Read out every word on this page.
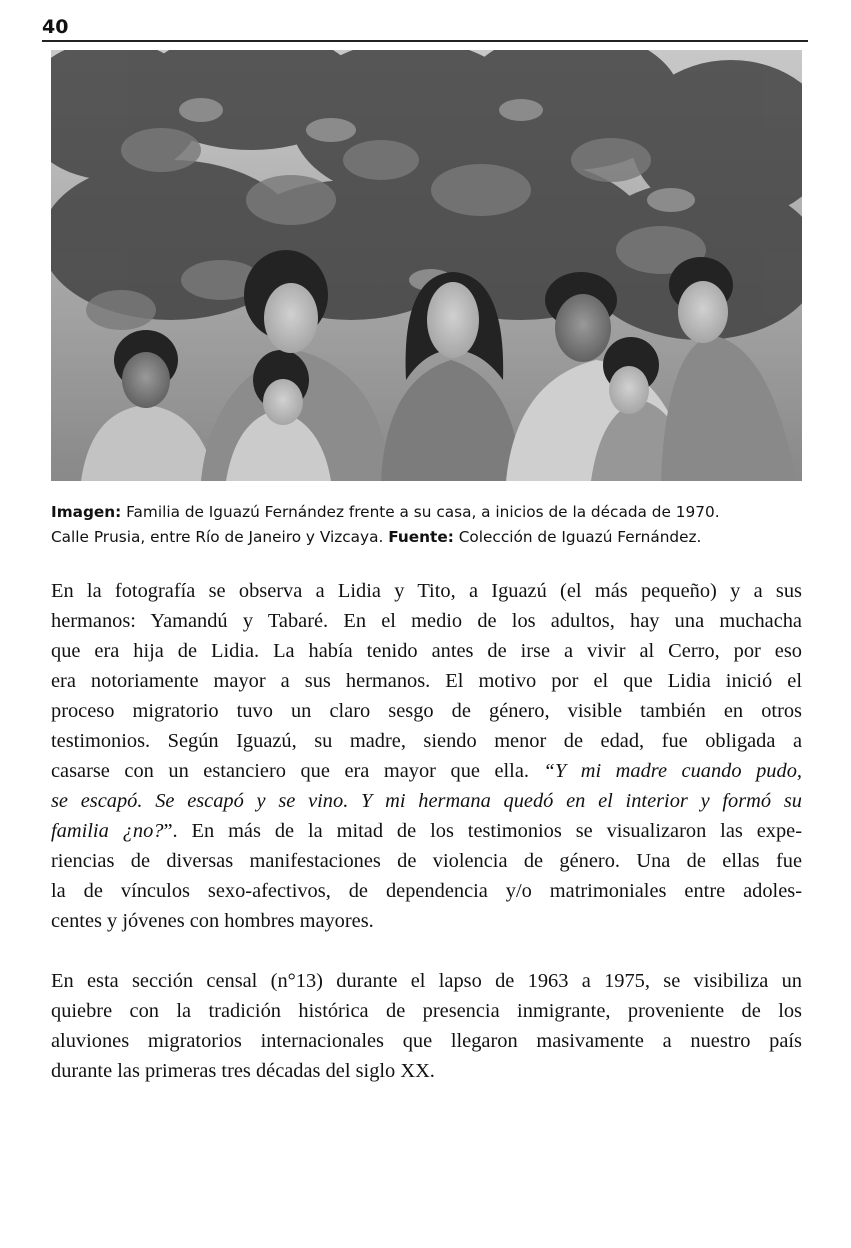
40
Imagen: Familia de Iguazú Fernández frente a su casa, a inicios de la década de 1970.
Calle Prusia, entre Río de Janeiro y Vizcaya. Fuente: Colección de Iguazú Fernández.
En la fotografía se observa a Lidia y Tito, a Iguazú (el más pequeño) y a sus
hermanos: Yamandú y Tabaré. En el medio de los adultos, hay una muchacha
que era hija de Lidia. La había tenido antes de irse a vivir al Cerro, por eso
era notoriamente mayor a sus hermanos. El motivo por el que Lidia inició el
proceso migratorio tuvo un claro sesgo de género, visible también en otros
testimonios. Según Iguazú, su madre, siendo menor de edad, fue obligada a
casarse con un estanciero que era mayor que ella. “Y mi madre cuando pudo,
se escapó. Se escapó y se vino. Y mi hermana quedó en el interior y formó su
familia ¿no?”. En más de la mitad de los testimonios se visualizaron las expe-
riencias de diversas manifestaciones de violencia de género. Una de ellas fue
la de vínculos sexo-afectivos, de dependencia y/o matrimoniales entre adoles-
centes y jóvenes con hombres mayores.
En esta sección censal (n°13) durante el lapso de 1963 a 1975, se visibiliza un
quiebre con la tradición histórica de presencia inmigrante, proveniente de los
aluviones migratorios internacionales que llegaron masivamente a nuestro país
durante las primeras tres décadas del siglo XX.
